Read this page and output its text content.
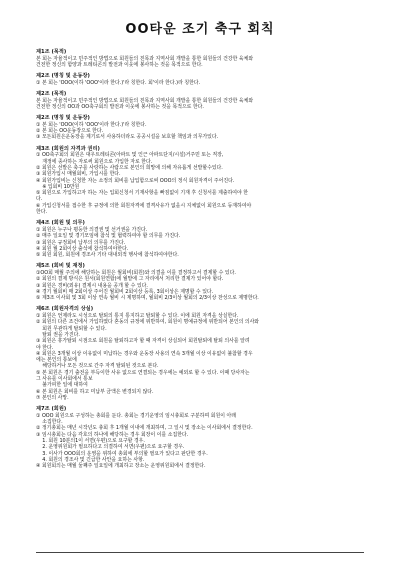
OO타운 조기 축구 회칙
제1조 (목적)
본 회는 자율적이고 민주적인 방법으로 회원들의 친목과 지역사회 개발을 통한 회원들의 건강한 육체와
건전한 정신의 함양과 트레티콘의 발전과 이웃에 봉사하는 것을 목적으로 한다.
제2조 (명칭 및 운동장)
① 본 회는 'OOO(이하 'OOO'이라 한다.)'라 칭한다. 회'이라 한다.)라 칭한다.
제2조 (목적)
본 회는 자율적이고 민주적인 방법으로 회원들의 친목과 지역사회 개발을 통한 회원들의 건강한 육체와
건전한 정신의 OO과 OO축구회의 발전과 이웃에 봉사하는 것을 목적으로 한다.
제2조 (명칭 및 운동장)
① 본 회는 'OOO(이하 'OOO'이라 한다.)'라 칭한다.
② 본 회는 OO운동장으로 한다.
③ 모든회원은운동장을 계기로서 사용하더라도 공공시설을 보호할 책임과 의무가있다.
제3조 (회원의 자격과 권리)
① OO축구회의 회원은 대우트레티콘(아파트 및 인근 아파트단지/시설)거주민 또는 직장,
재정에 종사하는 자로써 회원으로 가입한 자로 한다.
② 회원은 선발은 축구를 사랑하는 사람으로 본인의 희망에 의해 자유롭게 선발할수있다.
③ 회원가입시 매월회비, 가입시를 한다.
④ 회원가입비는 신청한 자는 소정의 회비를 납입함으로써 OOO의 정식 회원자격이 주어진다.
※ 입회비 10만원
⑤ 회원으로 가입하고자 하는 자는 입회신청서 기재사항을 빠짐없이 기재 후 신청서를 제출하여야 한
다.
⑥ 가입신청서를 접수한 후 규정에 의한 회원자격에 결격사유가 없을시 지체없이 회원으로 등재하여야
한다.
제4조 (회원 및 의무)
① 회원은 누구나 평등한 의결권 및 선거권을 가진다.
② 매주 일요일 및 경기모임에 참석 및 협력하여야 할 의무를 가진다.
③ 회원은 규정회비 납부의 의무를 가진다.
④ 회원 월 2회이상 출석에 참석하여야한다.
⑤ 회원 회원, 회원에 경조사 기타 대내외적 행사에 참석하여야한다.
제5조 (회비 및 재정)
①OO회 매월 주의에 해당하는 회원은 월회비(회원)와 의결을 이를 결정하고서 결제할 수 있다.
② 회원의 결제 방식은 원서(회원연합)에 월말에 그 자리에서 처리한 결제가 있어야 할다.
③ 회원은 경비(외유) 결제시 내용을 공개 할 수 있다.
④ 경기 월회비 매 2회이상 주어진 월회비 2회이상 등록, 3회이상은 제명할 수 있다.
⑤ 제3조 이사회 및 3회 이상 연속 월비 시 제명하며, 월회비 2/3이상 월회의 2/3이상 찬성으로 제명한다.
제6조 (회원자격의 상실)
① 회원은 언제라도 시성으로 탈퇴의 통지 통지하고 탈퇴할 수 있다. 이에 회원 자격을 상실한다.
② 회원의 다른 조건에서 가입하였다 혼동의 규정에 위반하여, 회원이 명예규정에 위반되어 본인의 의사와
회원 무관하게 탈퇴할 수 있다.
탈퇴 권을 가진다.
③ 회원은 휴가탈퇴 시점으로 회원을 탈퇴하고자 할 때 자격이 상실되어 회원탈퇴에 탈퇴 의사를 알려
야 한다.
④ 회원은 3개월 이상 이유없이 미납하는 경우와 운동장 사용의 연속 3개월 이상 이유없이 불참할 경우
에는 본인의 통보에
해당하거나 모든 것으로 간주 자격 탈퇴된 것으로 본다.
⑤ 본 회원은 경기 출전을 부득이한 사유 없으로 연결되는 경우에는 예외로 할 수 있다. 이때 당사자는
그 사유를 이사회에서 통보
불가피한 일에 대하여
⑥ 본 회원은 회비를 하고 미납부 금액은 변경되지 않다.
⑦ 본인의 사망.
제7조 (회원)
① OOO 회원으로 구성하는 총회를 둔다. 총회는 경기운영의 임시총회로 구분하며 회원이 아래
소집한다.
② 정기총회는 매년 시작년도 총회 후 1개월 이내에 개최하며, 그 일시 및 장소는 이사회에서 결정한다.
③ 임시총회는 다음 각호의 하나에 해당하는 경우 회장이 이를 소집한다.
1. 회원 10분의1이 서면(우편)으로 요구할 경우.
2. 운영위원회가 필요하다고 의결하여 서면(우편)으로 요구할 경우.
3. 이사가 OOO회의 운영을 위하여 총회에 부의할 필요가 있다고 판단한 경우.
4. 회원의 경조사 및 긴급한 사안을 요하는 사항.
④ 회원회의는 매월 둘째주 일요일에 개최하고 장소는 운영위원회에서 결정한다.
